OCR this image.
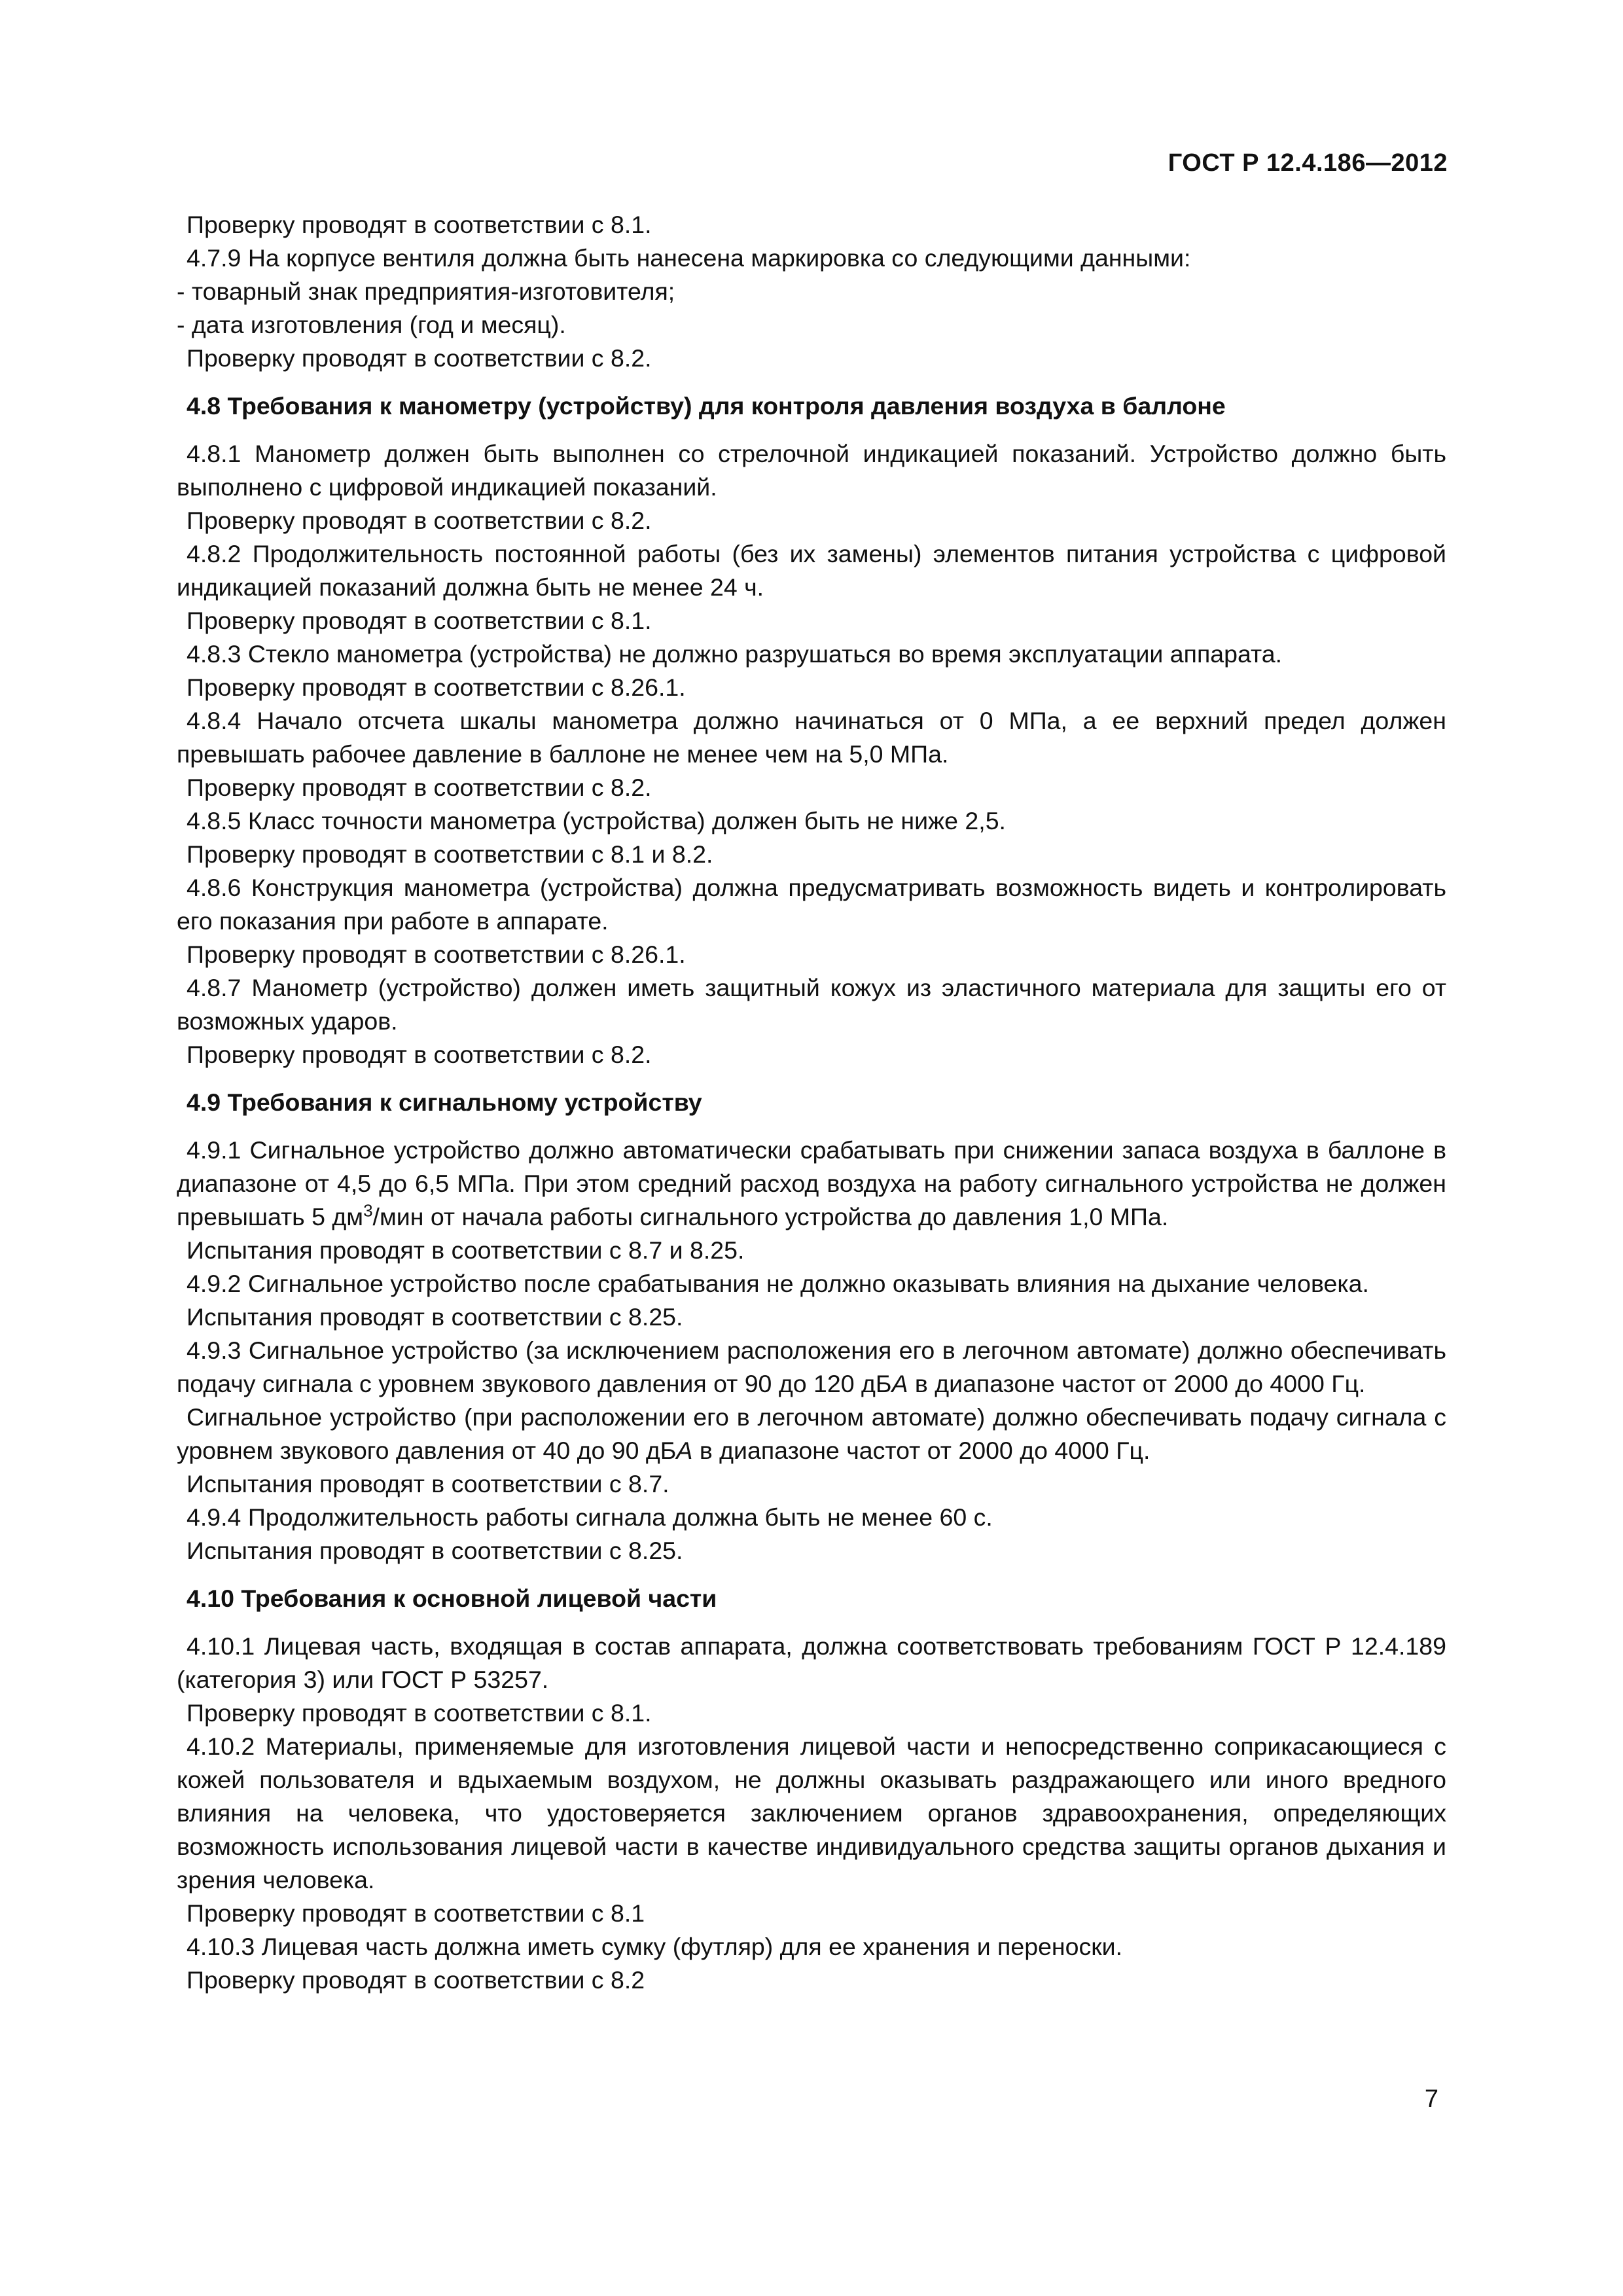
ГОСТ Р 12.4.186—2012

Проверку проводят в соответствии с 8.1.

4.7.9 На корпусе вентиля должна быть нанесена маркировка со следующими данными:

- товарный знак предприятия-изготовителя;

- дата изготовления (год и месяц).

Проверку проводят в соответствии с 8.2.

4.8 Требования к манометру (устройству) для контроля давления воздуха в баллоне

4.8.1 Манометр должен быть выполнен со стрелочной индикацией показаний. Устройство должно быть выполнено с цифровой индикацией показаний.

Проверку проводят в соответствии с 8.2.

4.8.2 Продолжительность постоянной работы (без их замены) элементов питания устройства с цифровой индикацией показаний должна быть не менее 24 ч.

Проверку проводят в соответствии с 8.1.

4.8.3 Стекло манометра (устройства) не должно разрушаться во время эксплуатации аппарата.

Проверку проводят в соответствии с 8.26.1.

4.8.4 Начало отсчета шкалы манометра должно начинаться от 0 МПа, а ее верхний предел должен превышать рабочее давление в баллоне не менее чем на 5,0 МПа.

Проверку проводят в соответствии с 8.2.

4.8.5 Класс точности манометра (устройства) должен быть не ниже 2,5.

Проверку проводят в соответствии с 8.1 и 8.2.

4.8.6 Конструкция манометра (устройства) должна предусматривать возможность видеть и контролировать его показания при работе в аппарате.

Проверку проводят в соответствии с 8.26.1.

4.8.7 Манометр (устройство) должен иметь защитный кожух из эластичного материала для защиты его от возможных ударов.

Проверку проводят в соответствии с 8.2.

4.9 Требования к сигнальному устройству

4.9.1 Сигнальное устройство должно автоматически срабатывать при снижении запаса воздуха в баллоне в диапазоне от 4,5 до 6,5 МПа. При этом средний расход воздуха на работу сигнального устройства не должен превышать 5 $дм^3$/мин от начала работы сигнального устройства до давления 1,0 МПа.

Испытания проводят в соответствии с 8.7 и 8.25.

4.9.2 Сигнальное устройство после срабатывания не должно оказывать влияния на дыхание человека.

Испытания проводят в соответствии с 8.25.

4.9.3 Сигнальное устройство (за исключением расположения его в легочном автомате) должно обеспечивать подачу сигнала с уровнем звукового давления от 90 до 120 дБА в диапазоне частот от 2000 до 4000 Гц.

Сигнальное устройство (при расположении его в легочном автомате) должно обеспечивать подачу сигнала с уровнем звукового давления от 40 до 90 дБА в диапазоне частот от 2000 до 4000 Гц.

Испытания проводят в соответствии с 8.7.

4.9.4 Продолжительность работы сигнала должна быть не менее 60 с.

Испытания проводят в соответствии с 8.25.

4.10 Требования к основной лицевой части

4.10.1 Лицевая часть, входящая в состав аппарата, должна соответствовать требованиям ГОСТ Р 12.4.189 (категория 3) или ГОСТ Р 53257.

Проверку проводят в соответствии с 8.1.

4.10.2 Материалы, применяемые для изготовления лицевой части и непосредственно соприкасающиеся с кожей пользователя и вдыхаемым воздухом, не должны оказывать раздражающего или иного вредного влияния на человека, что удостоверяется заключением органов здравоохранения, определяющих возможность использования лицевой части в качестве индивидуального средства защиты органов дыхания и зрения человека.

Проверку проводят в соответствии с 8.1

4.10.3 Лицевая часть должна иметь сумку (футляр) для ее хранения и переноски.

Проверку проводят в соответствии с 8.2

7
